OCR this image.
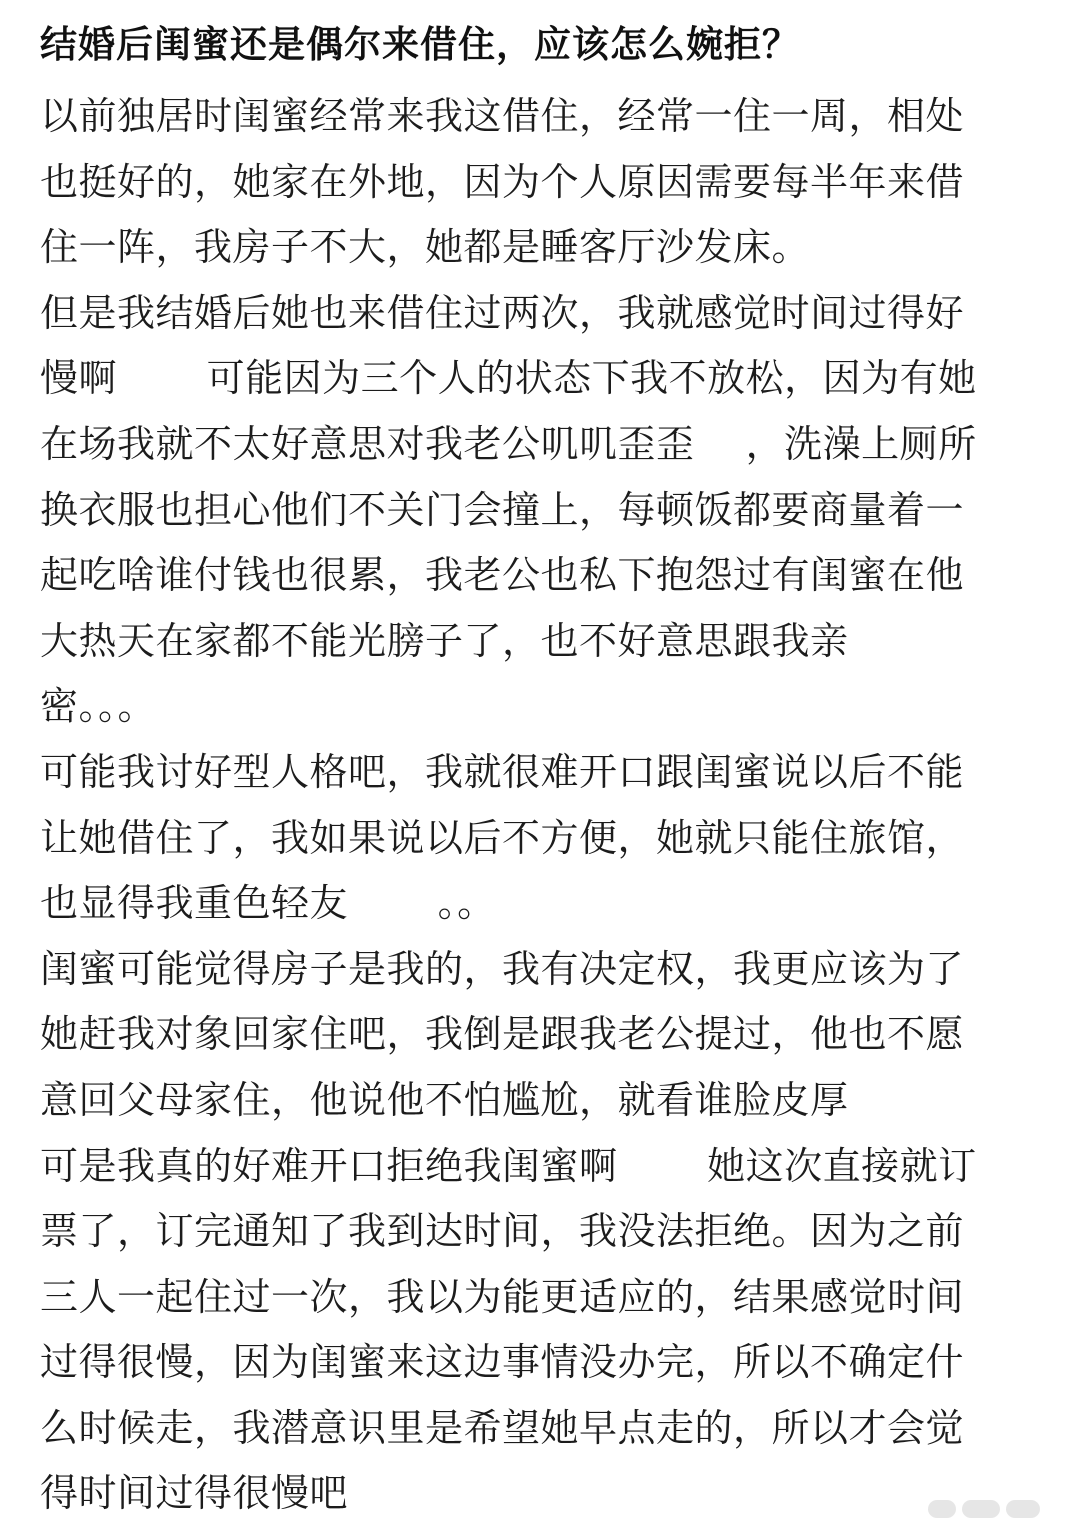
结婚后闺蜜还是偶尔来借住，应该怎么婉拒？
以前独居时闺蜜经常来我这借住，经常一住一周，相处
也挺好的，她家在外地，因为个人原因需要每半年来借
住一阵，我房子不大，她都是睡客厅沙发床。
但是我结婚后她也来借住过两次，我就感觉时间过得好
慢啊　　 可能因为三个人的状态下我不放松，因为有她
在场我就不太好意思对我老公叽叽歪歪　 ，洗澡上厕所
换衣服也担心他们不关门会撞上，每顿饭都要商量着一
起吃啥谁付钱也很累，我老公也私下抱怨过有闺蜜在他
大热天在家都不能光膀子了，也不好意思跟我亲
密。。。
可能我讨好型人格吧，我就很难开口跟闺蜜说以后不能
让她借住了，我如果说以后不方便，她就只能住旅馆，
也显得我重色轻友　　 。。
闺蜜可能觉得房子是我的，我有决定权，我更应该为了
她赶我对象回家住吧，我倒是跟我老公提过，他也不愿
意回父母家住，他说他不怕尴尬，就看谁脸皮厚
可是我真的好难开口拒绝我闺蜜啊　　 她这次直接就订
票了，订完通知了我到达时间，我没法拒绝。因为之前
三人一起住过一次，我以为能更适应的，结果感觉时间
过得很慢，因为闺蜜来这边事情没办完，所以不确定什
么时候走，我潜意识里是希望她早点走的，所以才会觉
得时间过得很慢吧
